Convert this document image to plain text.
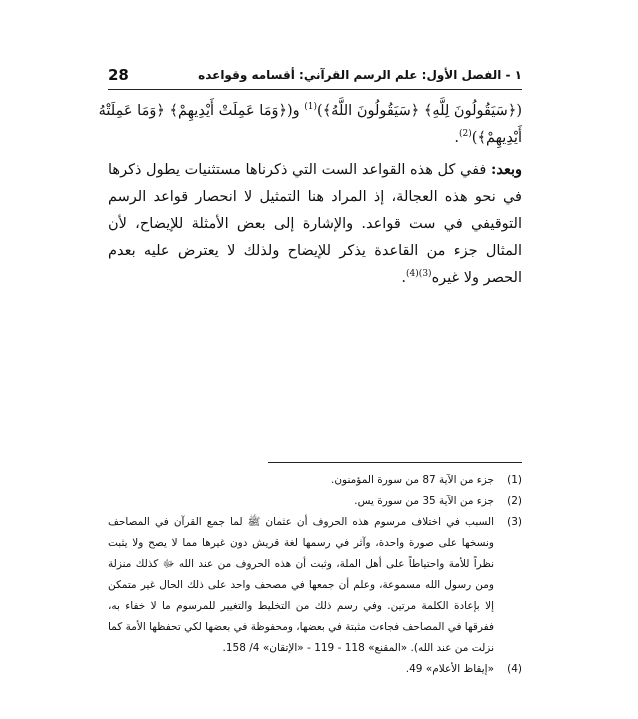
١ - الفصل الأول: علم الرسم القرآني: أقسامه وقواعده
28

(﴿سَيَقُولُونَ لِلَّهِ﴾ ﴿سَيَقُولُونَ اللَّهُ﴾)$^{(1)}$ و(﴿وَمَا عَمِلَتْ أَيْدِيهِمْ﴾ ﴿وَمَا عَمِلَتْهُ

أَيْدِيهِمْ﴾)$^{(2)}$.

وبعد: ففي كل هذه القواعد الست التي ذكرناها مستثنيات يطول ذكرها في نحو هذه العجالة، إذ المراد هنا التمثيل لا انحصار قواعد الرسم التوقيفي في ست قواعد. والإشارة إلى بعض الأمثلة للإيضاح، لأن المثال جزء من القاعدة يذكر للإيضاح ولذلك لا يعترض عليه بعدم الحصر ولا غيره$^{(3)(4)}$.

(1)
جزء من الآية 87 من سورة المؤمنون.
(2)
جزء من الآية 35 من سورة يس.
(3)
السبب في اختلاف مرسوم هذه الحروف أن عثمان ﷺ لما جمع القرآن في المصاحف ونسخها على صورة واحدة، وآثر في رسمها لغة قريش دون غيرها مما لا يصح ولا يثبت نظراً للأمة واحتياطاً على أهل الملة، وثبت أن هذه الحروف من عند الله ﷻ كذلك منزلة ومن رسول الله مسموعة، وعلم أن جمعها في مصحف واحد على ذلك الحال غير متمكن إلا بإعادة الكلمة مرتين. وفي رسم ذلك من التخليط والتغيير للمرسوم ما لا خفاء به، ففرقها في المصاحف فجاءت مثبتة في بعضها، ومحفوظة في بعضها لكي تحفظها الأمة كما نزلت من عند الله). «المقنع» 118 - 119 - «الإتقان» 4/ 158.
(4)
«إيقاظ الأعلام» 49.
